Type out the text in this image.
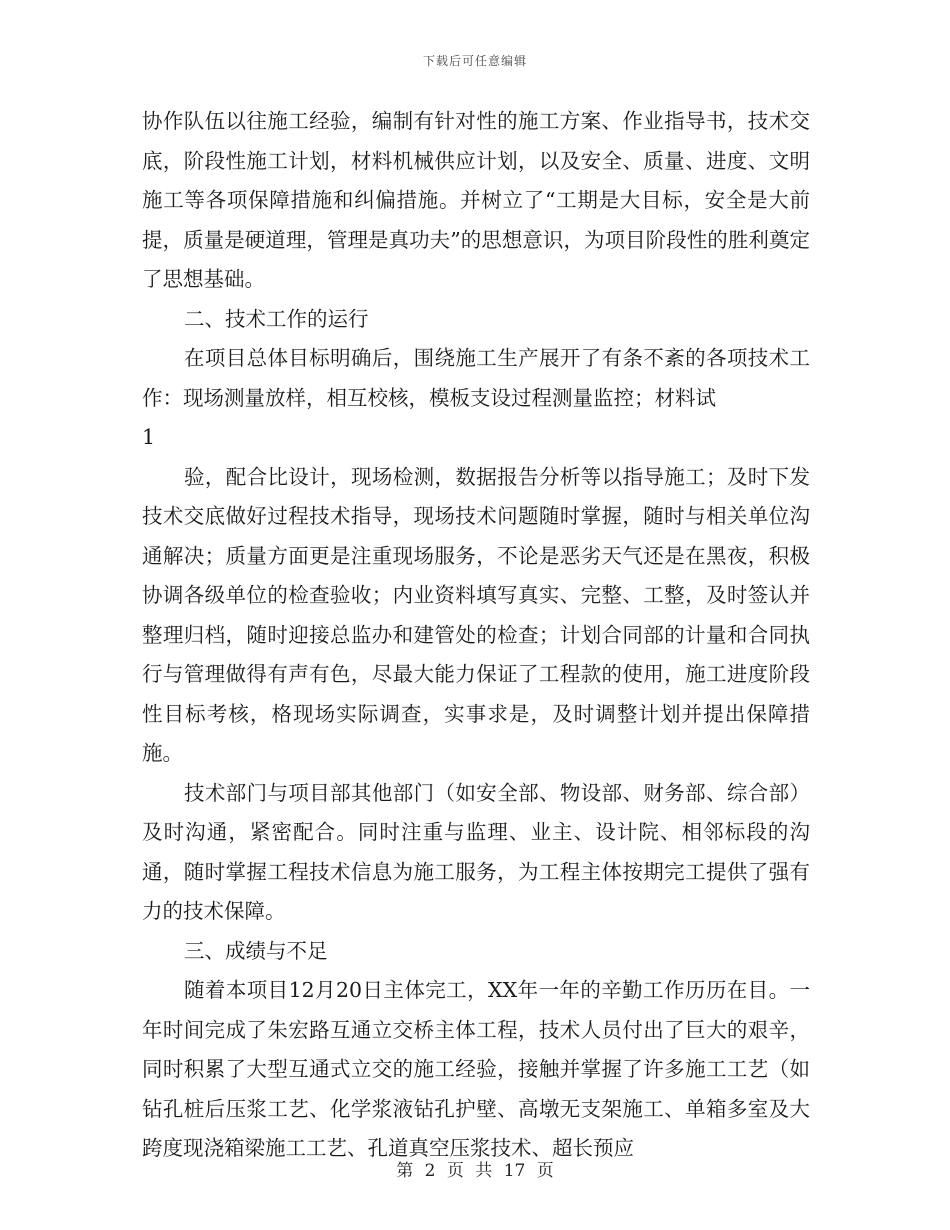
下载后可任意编辑

协作队伍以往施工经验，编制有针对性的施工方案、作业指导书，技术交底，阶段性施工计划，材料机械供应计划，以及安全、质量、进度、文明施工等各项保障措施和纠偏措施。并树立了“工期是大目标，安全是大前提，质量是硬道理，管理是真功夫”的思想意识，为项目阶段性的胜利奠定了思想基础。

二、技术工作的运行

在项目总体目标明确后，围绕施工生产展开了有条不紊的各项技术工作：现场测量放样，相互校核，模板支设过程测量监控；材料试

1

验，配合比设计，现场检测，数据报告分析等以指导施工；及时下发技术交底做好过程技术指导，现场技术问题随时掌握，随时与相关单位沟通解决；质量方面更是注重现场服务，不论是恶劣天气还是在黑夜，积极协调各级单位的检查验收；内业资料填写真实、完整、工整，及时签认并整理归档，随时迎接总监办和建管处的检查；计划合同部的计量和合同执行与管理做得有声有色，尽最大能力保证了工程款的使用，施工进度阶段性目标考核，格现场实际调查，实事求是，及时调整计划并提出保障措施。

技术部门与项目部其他部门（如安全部、物设部、财务部、综合部）及时沟通，紧密配合。同时注重与监理、业主、设计院、相邻标段的沟通，随时掌握工程技术信息为施工服务，为工程主体按期完工提供了强有力的技术保障。

三、成绩与不足

随着本项目12月20日主体完工，XX年一年的辛勤工作历历在目。一年时间完成了朱宏路互通立交桥主体工程，技术人员付出了巨大的艰辛，同时积累了大型互通式立交的施工经验，接触并掌握了许多施工工艺（如钻孔桩后压浆工艺、化学浆液钻孔护壁、高墩无支架施工、单箱多室及大跨度现浇箱梁施工工艺、孔道真空压浆技术、超长预应

第 2 页 共 17 页
